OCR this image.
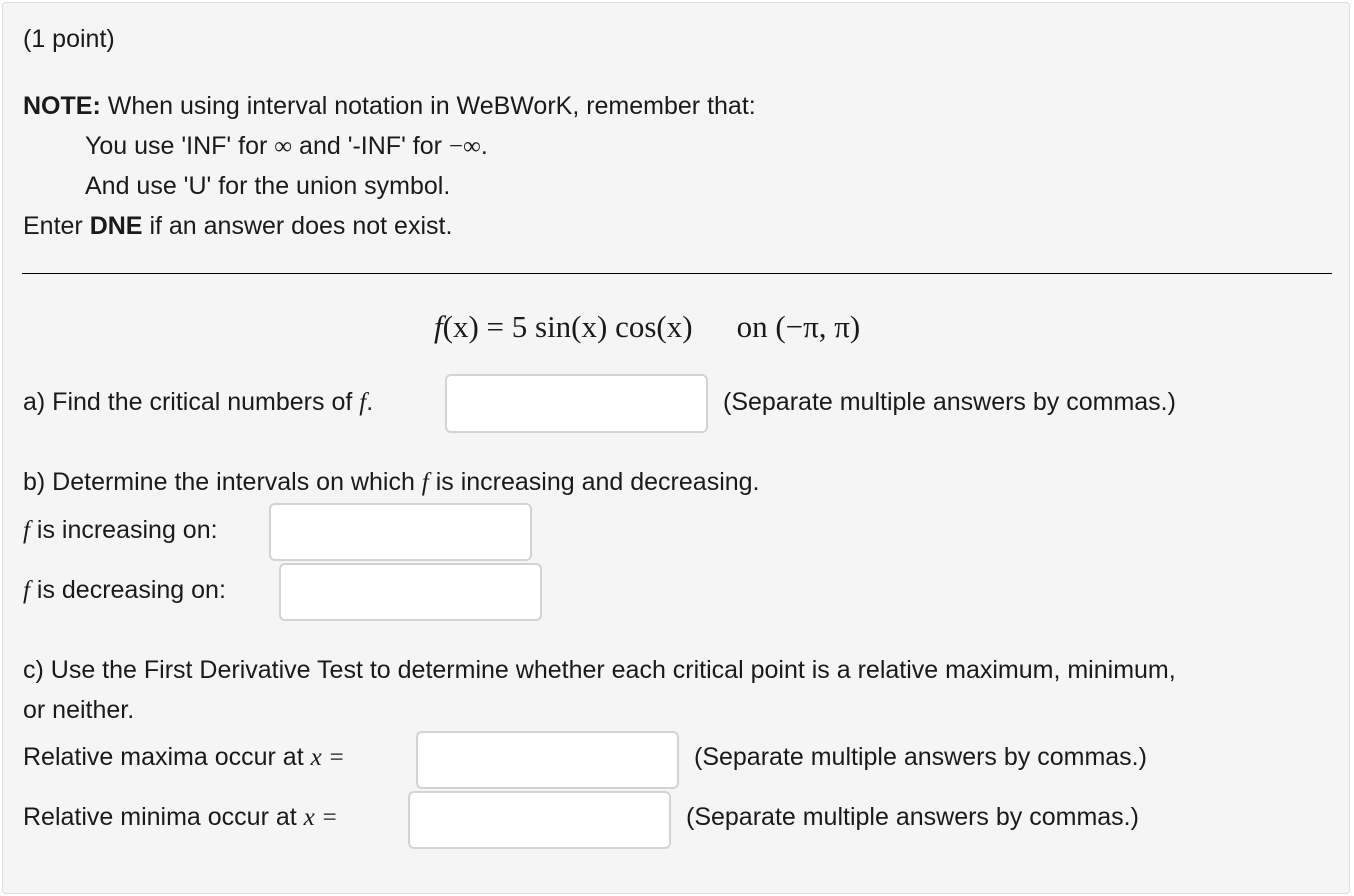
(1 point)
NOTE: When using interval notation in WeBWorK, remember that:
You use 'INF' for ∞ and '-INF' for −∞.
And use 'U' for the union symbol.
Enter DNE if an answer does not exist.
f(x) = 5 sin(x) cos(x) on (−π, π)
a) Find the critical numbers of f.	(Separate multiple answers by commas.)
b) Determine the intervals on which f is increasing and decreasing.
f is increasing on:
f is decreasing on:
c) Use the First Derivative Test to determine whether each critical point is a relative maximum, minimum,
or neither.
Relative maxima occur at x =	(Separate multiple answers by commas.)
Relative minima occur at x =	(Separate multiple answers by commas.)
